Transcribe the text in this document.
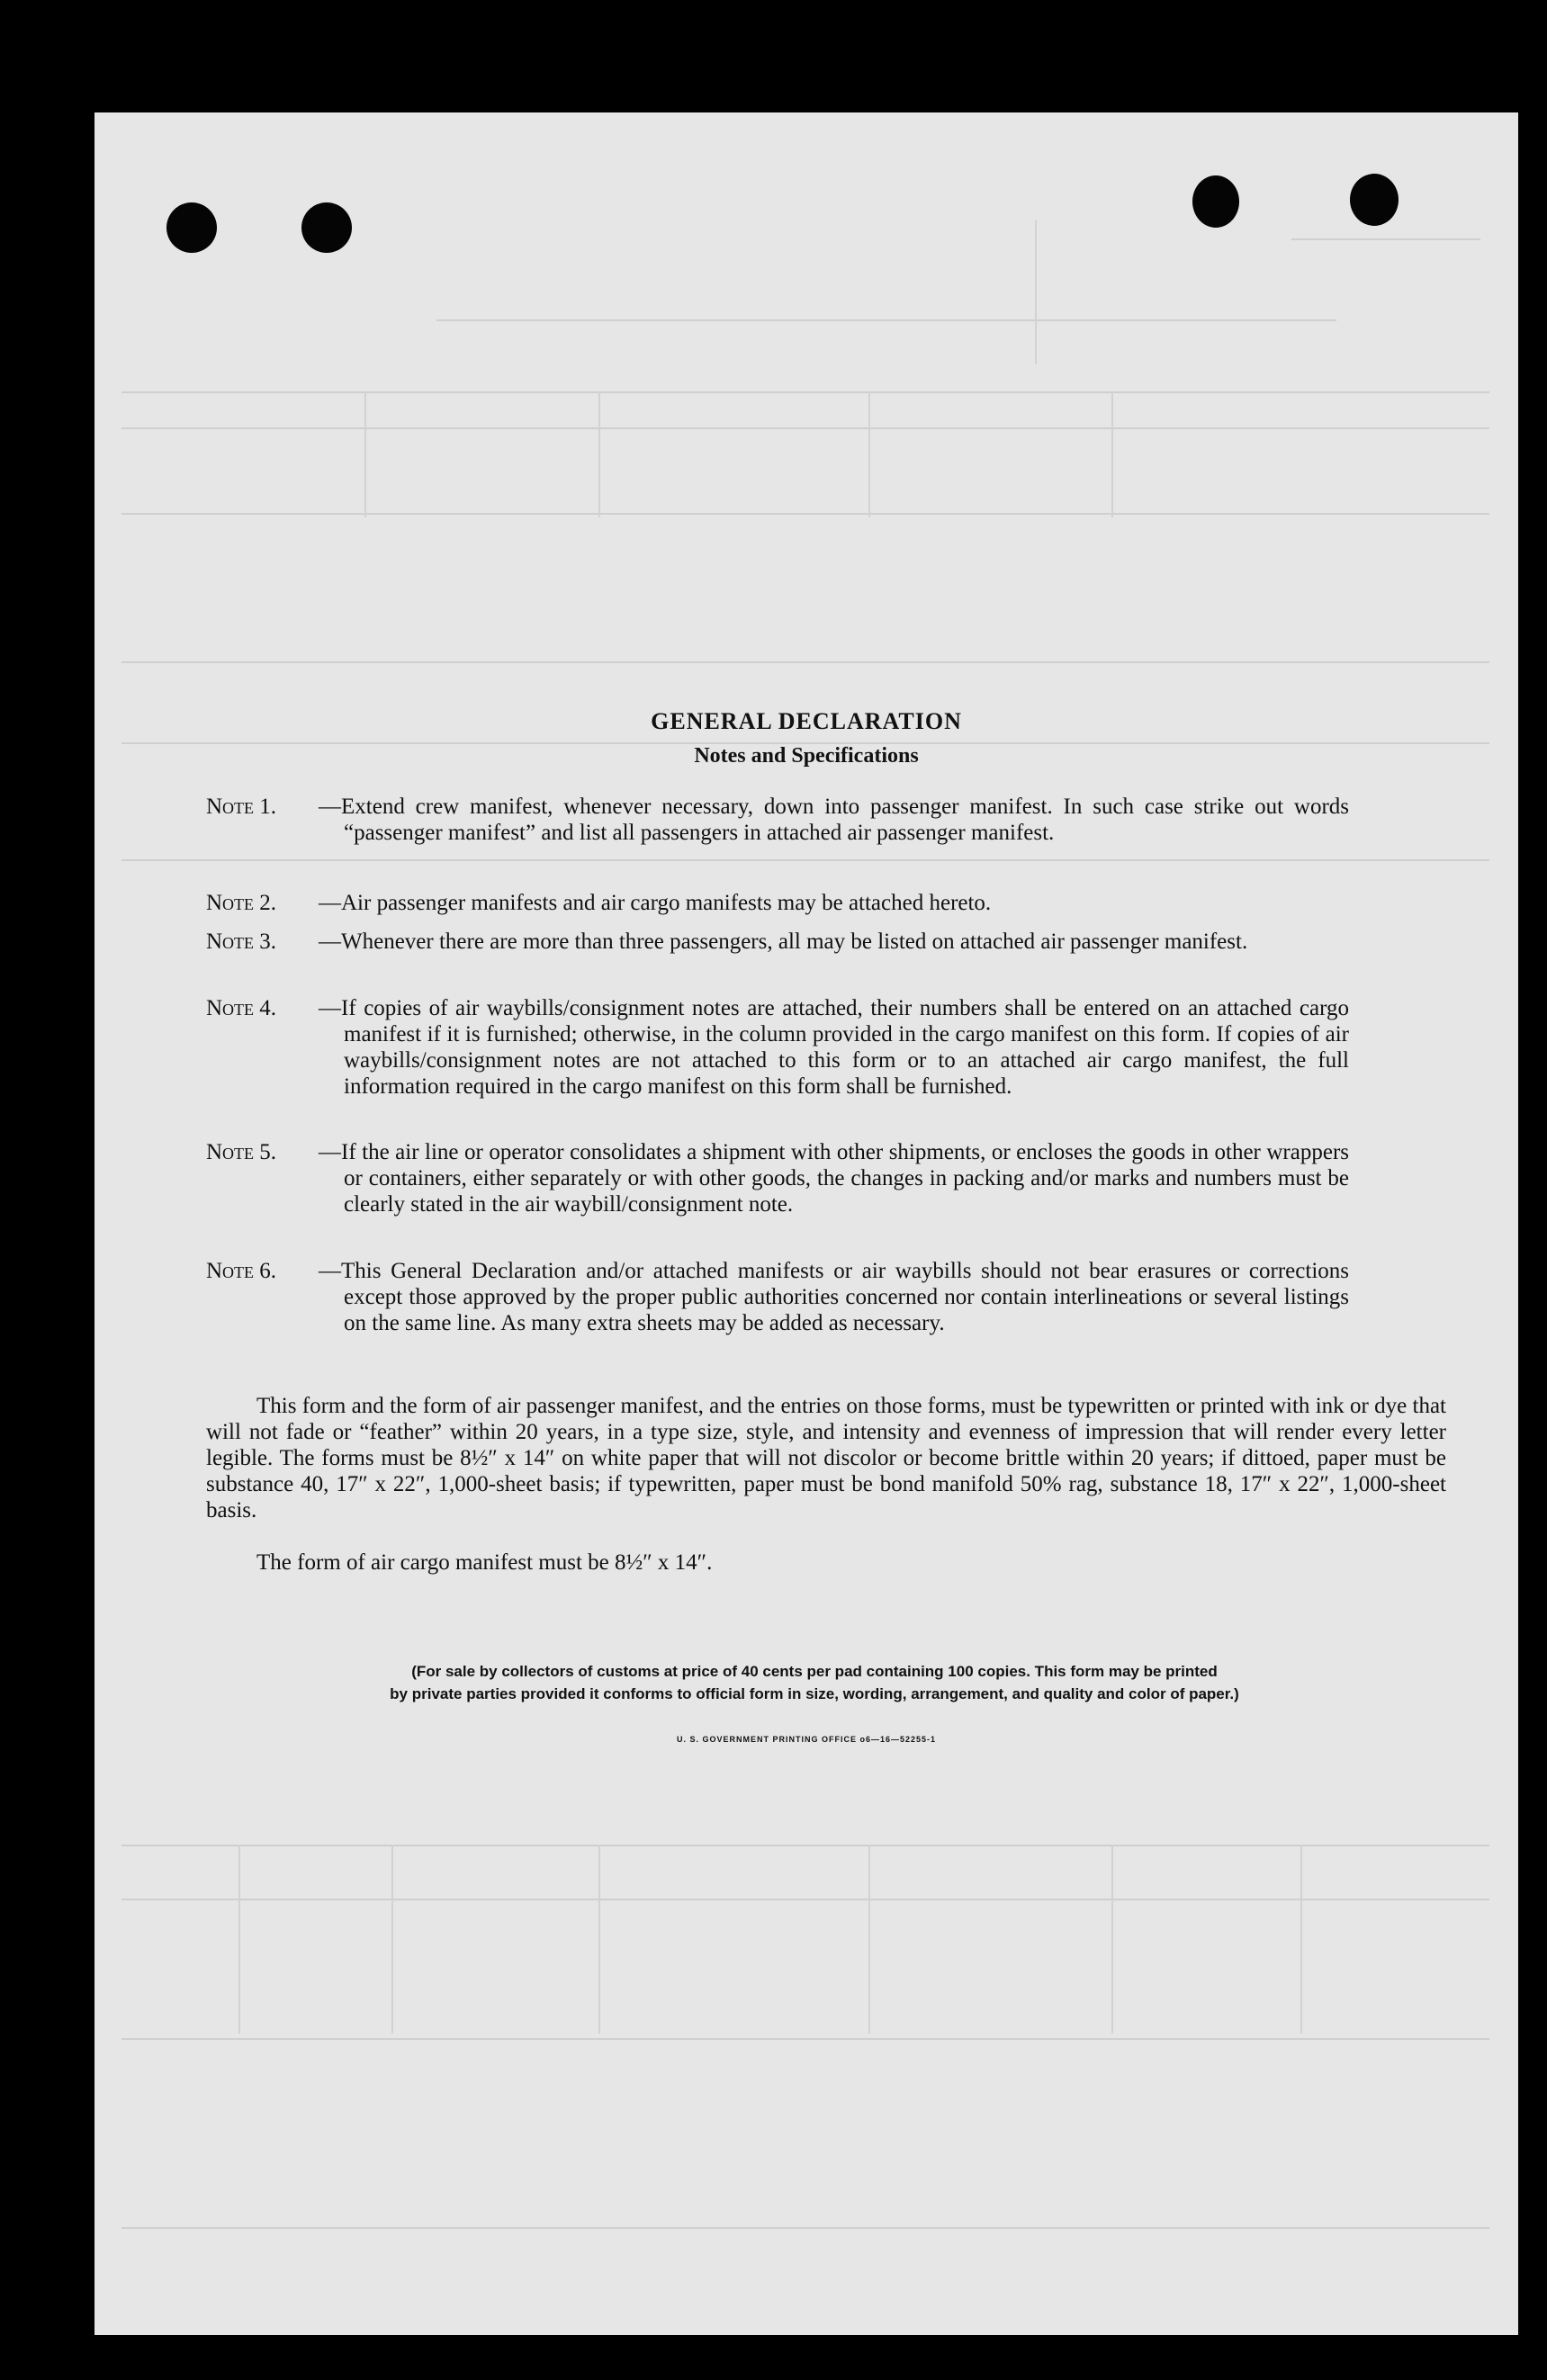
GENERAL DECLARATION
Notes and Specifications
Note 1.	—Extend crew manifest, whenever necessary, down into passenger manifest. In such case strike out words “passenger manifest” and list all passengers in attached air passenger manifest.
Note 2.	—Air passenger manifests and air cargo manifests may be attached hereto.
Note 3.	—Whenever there are more than three passengers, all may be listed on attached air passenger manifest.
Note 4.	—If copies of air waybills/consignment notes are attached, their numbers shall be entered on an attached cargo manifest if it is furnished; otherwise, in the column provided in the cargo manifest on this form. If copies of air waybills/consignment notes are not attached to this form or to an attached air cargo manifest, the full information required in the cargo manifest on this form shall be furnished.
Note 5.	—If the air line or operator consolidates a shipment with other shipments, or encloses the goods in other wrappers or containers, either separately or with other goods, the changes in packing and/or marks and numbers must be clearly stated in the air waybill/consignment note.
Note 6.	—This General Declaration and/or attached manifests or air waybills should not bear erasures or corrections except those approved by the proper public authorities concerned nor contain interlineations or several listings on the same line. As many extra sheets may be added as necessary.
This form and the form of air passenger manifest, and the entries on those forms, must be typewritten or printed with ink or dye that will not fade or “feather” within 20 years, in a type size, style, and intensity and evenness of impression that will render every letter legible. The forms must be 8½″ x 14″ on white paper that will not discolor or become brittle within 20 years; if dittoed, paper must be substance 40, 17″ x 22″, 1,000-sheet basis; if typewritten, paper must be bond manifold 50% rag, substance 18, 17″ x 22″, 1,000-sheet basis.
The form of air cargo manifest must be 8½″ x 14″.
(For sale by collectors of customs at price of 40 cents per pad containing 100 copies. This form may be printed
by private parties provided it conforms to official form in size, wording, arrangement, and quality and color of paper.)
U. S. GOVERNMENT PRINTING OFFICE o6—16—52255-1
